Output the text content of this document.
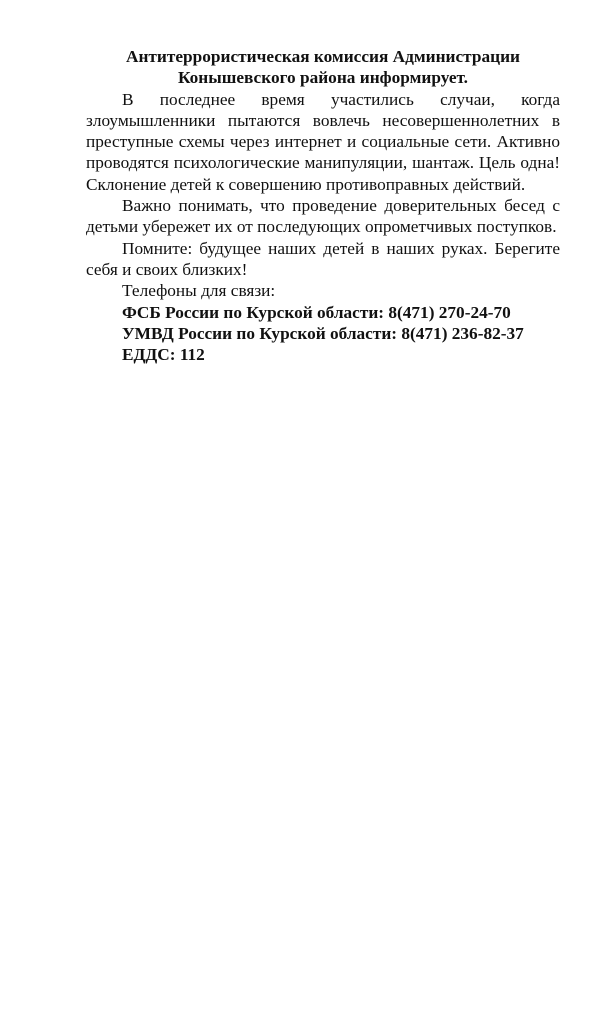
Антитеррористическая комиссия Администрации
Конышевского района информирует.

В последнее время участились случаи, когда злоумышленники пытаются вовлечь несовершеннолетних в преступные схемы через интернет и социальные сети. Активно проводятся психологические манипуляции, шантаж. Цель одна! Склонение детей к совершению противоправных действий.

Важно понимать, что проведение доверительных бесед с детьми убережет их от последующих опрометчивых поступков.

Помните: будущее наших детей в наших руках. Берегите себя и своих близких!

Телефоны для связи:

ФСБ России по Курской области: 8(471) 270-24-70

УМВД России по Курской области: 8(471) 236-82-37

ЕДДС: 112
